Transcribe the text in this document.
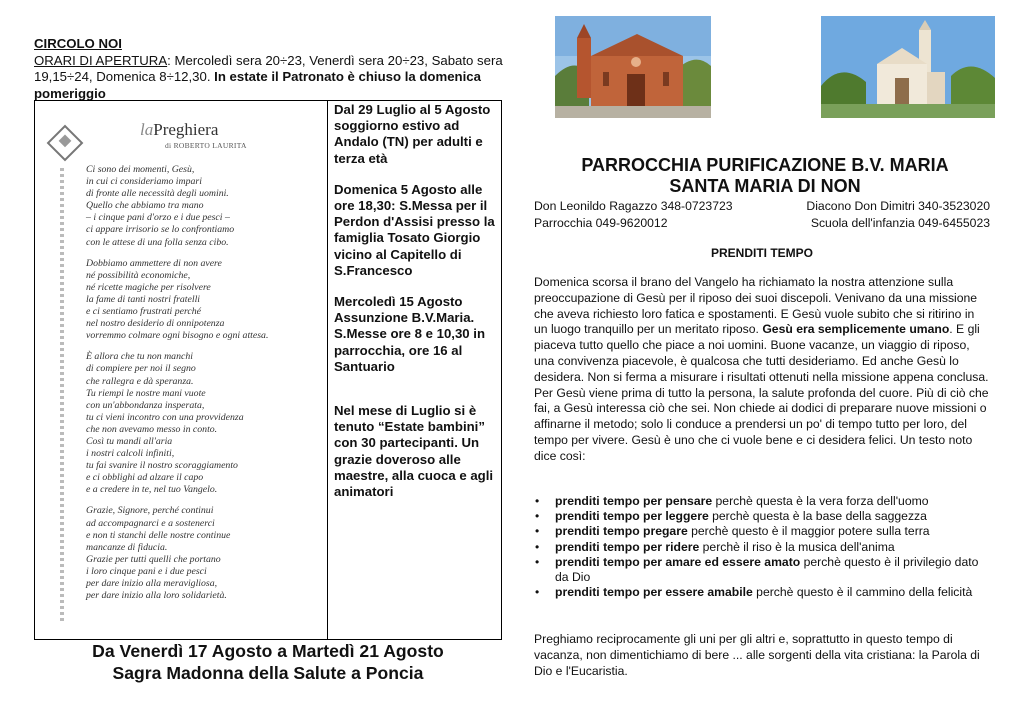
CIRCOLO NOI
ORARI DI APERTURA: Mercoledì sera 20÷23, Venerdì sera 20÷23, Sabato sera 19,15÷24, Domenica 8÷12,30. In estate il Patronato è chiuso la domenica pomeriggio
laPreghiera
di ROBERTO LAURITA
Ci sono dei momenti, Gesù,
in cui ci consideriamo impari
di fronte alle necessità degli uomini.
Quello che abbiamo tra mano
– i cinque pani d'orzo e i due pesci –
ci appare irrisorio se lo confrontiamo
con le attese di una folla senza cibo.
Dobbiamo ammettere di non avere
né possibilità economiche,
né ricette magiche per risolvere
la fame di tanti nostri fratelli
e ci sentiamo frustrati perché
nel nostro desiderio di onnipotenza
vorremmo colmare ogni bisogno e ogni attesa.
È allora che tu non manchi
di compiere per noi il segno
che rallegra e dà speranza.
Tu riempi le nostre mani vuote
con un'abbondanza insperata,
tu ci vieni incontro con una provvidenza
che non avevamo messo in conto.
Così tu mandi all'aria
i nostri calcoli infiniti,
tu fai svanire il nostro scoraggiamento
e ci obblighi ad alzare il capo
e a credere in te, nel tuo Vangelo.
Grazie, Signore, perché continui
ad accompagnarci e a sostenerci
e non ti stanchi delle nostre continue
mancanze di fiducia.
Grazie per tutti quelli che portano
i loro cinque pani e i due pesci
per dare inizio alla meravigliosa,
per dare inizio alla loro solidarietà.
Dal 29 Luglio al 5 Agosto soggiorno estivo ad Andalo (TN) per adulti e terza età
Domenica 5 Agosto alle ore 18,30: S.Messa per il Perdon d'Assisi presso la famiglia Tosato Giorgio vicino al Capitello di S.Francesco
Mercoledì 15 Agosto Assunzione B.V.Maria. S.Messe ore 8 e 10,30 in parrocchia, ore 16 al Santuario
Nel mese di Luglio si è tenuto “Estate bambini” con 30 partecipanti. Un grazie doveroso alle maestre, alla cuoca e agli animatori
Da Venerdì 17 Agosto a Martedì 21 Agosto
Sagra Madonna della Salute a Poncia
PARROCCHIA PURIFICAZIONE B.V. MARIA
SANTA MARIA DI NON
Don Leonildo Ragazzo 348-0723723	Diacono Don Dimitri 340-3523020
Parrocchia 049-9620012	Scuola dell'infanzia 049-6455023
PRENDITI TEMPO
Domenica scorsa il brano del Vangelo ha richiamato la nostra attenzione sulla preoccupazione di Gesù per il riposo dei suoi discepoli. Venivano da una missione che aveva richiesto loro fatica e spostamenti. E Gesù vuole subito che si ritirino in un luogo tranquillo per un meritato riposo. Gesù era semplicemente umano. E gli piaceva tutto quello che piace a noi uomini. Buone vacanze, un viaggio di riposo, una convivenza piacevole, è qualcosa che tutti desideriamo. Ed anche Gesù lo desidera. Non si ferma a misurare i risultati ottenuti nella missione appena conclusa. Per Gesù viene prima di tutto la persona, la salute profonda del cuore. Più di ciò che fai, a Gesù interessa ciò che sei. Non chiede ai dodici di preparare nuove missioni o affinarne il metodo; solo li conduce a prendersi un po' di tempo tutto per loro, del tempo per vivere. Gesù è uno che ci vuole bene e ci desidera felici. Un testo noto dice così:
• prenditi tempo per pensare perchè questa è la vera forza dell'uomo
• prenditi tempo per leggere perchè questa è la base della saggezza
• prenditi tempo pregare perchè questo è il maggior potere sulla terra
• prenditi tempo per ridere perchè il riso è la musica dell'anima
• prenditi tempo per amare ed essere amato perchè questo è il privilegio dato da Dio
• prenditi tempo per essere amabile perchè questo è il cammino della felicità
Preghiamo reciprocamente gli uni per gli altri e, soprattutto in questo tempo di vacanza, non dimentichiamo di bere ... alle sorgenti della vita cristiana: la Parola di Dio e l'Eucaristia.
